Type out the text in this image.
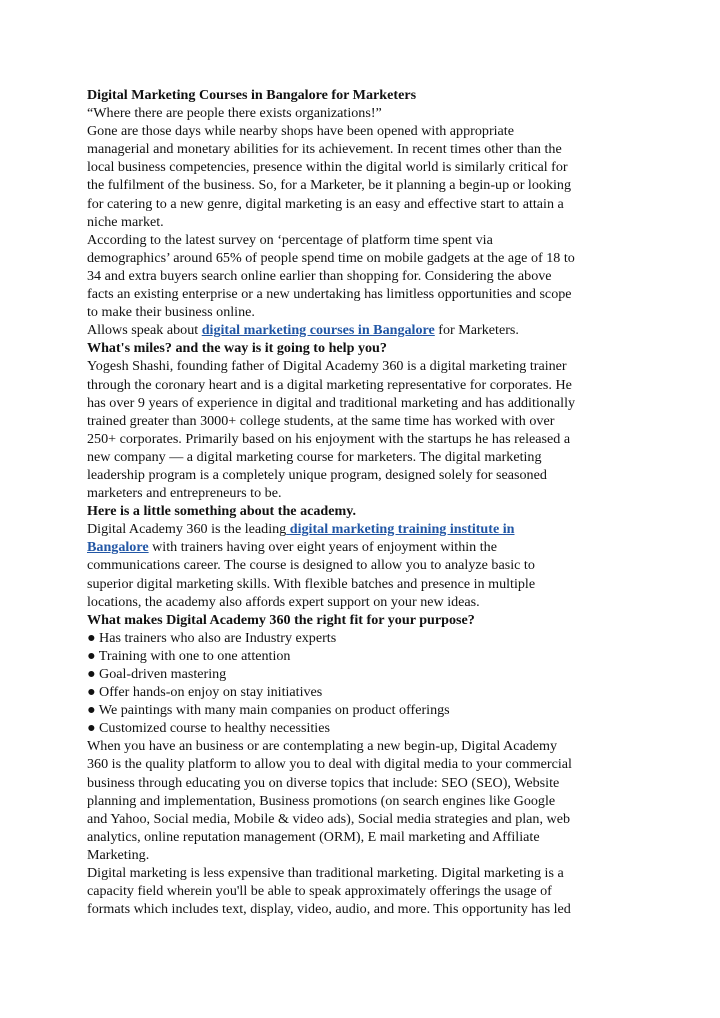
Digital Marketing Courses in Bangalore for Marketers
“Where there are people there exists organizations!”
Gone are those days while nearby shops have been opened with appropriate
managerial and monetary abilities for its achievement. In recent times other than the
local business competencies, presence within the digital world is similarly critical for
the fulfilment of the business. So, for a Marketer, be it planning a begin-up or looking
for catering to a new genre, digital marketing is an easy and effective start to attain a
niche market.
According to the latest survey on ‘percentage of platform time spent via
demographics’ around 65% of people spend time on mobile gadgets at the age of 18 to
34 and extra buyers search online earlier than shopping for. Considering the above
facts an existing enterprise or a new undertaking has limitless opportunities and scope
to make their business online.
Allows speak about digital marketing courses in Bangalore for Marketers.
What's miles? and the way is it going to help you?
Yogesh Shashi, founding father of Digital Academy 360 is a digital marketing trainer
through the coronary heart and is a digital marketing representative for corporates. He
has over 9 years of experience in digital and traditional marketing and has additionally
trained greater than 3000+ college students, at the same time has worked with over
250+ corporates. Primarily based on his enjoyment with the startups he has released a
new company — a digital marketing course for marketers. The digital marketing
leadership program is a completely unique program, designed solely for seasoned
marketers and entrepreneurs to be.
Here is a little something about the academy.
Digital Academy 360 is the leading digital marketing training institute in
Bangalore with trainers having over eight years of enjoyment within the
communications career. The course is designed to allow you to analyze basic to
superior digital marketing skills. With flexible batches and presence in multiple
locations, the academy also affords expert support on your new ideas.
What makes Digital Academy 360 the right fit for your purpose?
● Has trainers who also are Industry experts
● Training with one to one attention
● Goal-driven mastering
● Offer hands-on enjoy on stay initiatives
● We paintings with many main companies on product offerings
● Customized course to healthy necessities
When you have an business or are contemplating a new begin-up, Digital Academy
360 is the quality platform to allow you to deal with digital media to your commercial
business through educating you on diverse topics that include: SEO (SEO), Website
planning and implementation, Business promotions (on search engines like Google
and Yahoo, Social media, Mobile & video ads), Social media strategies and plan, web
analytics, online reputation management (ORM), E mail marketing and Affiliate
Marketing.
Digital marketing is less expensive than traditional marketing. Digital marketing is a
capacity field wherein you'll be able to speak approximately offerings the usage of
formats which includes text, display, video, audio, and more. This opportunity has led
